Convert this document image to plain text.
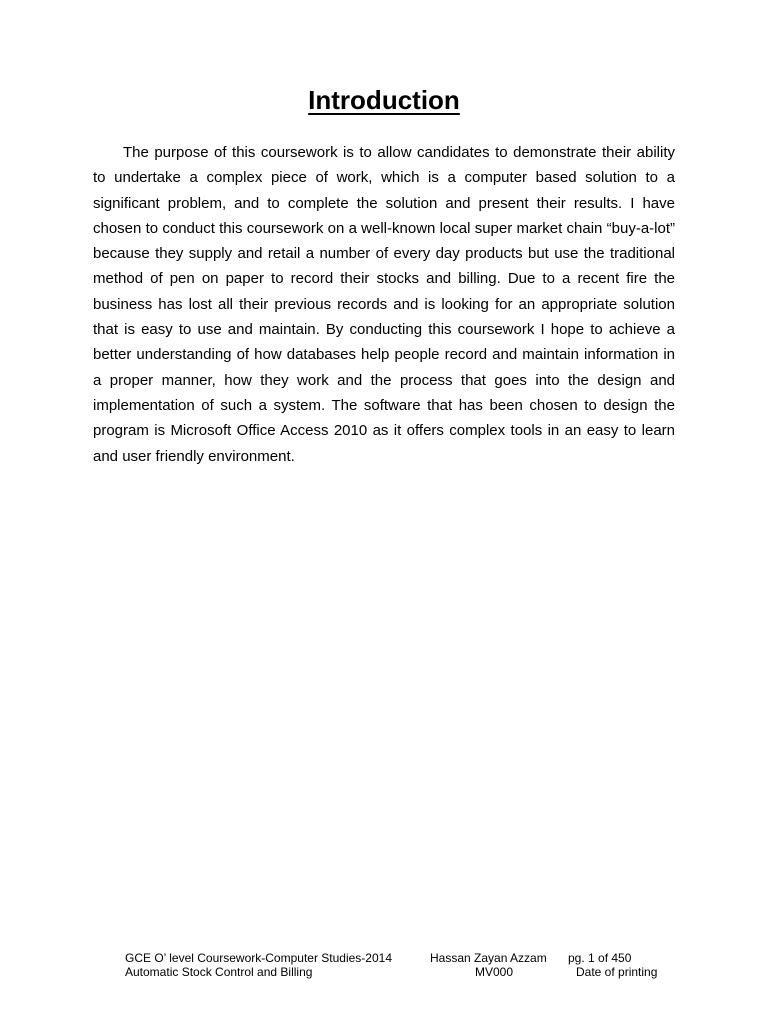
Introduction

The purpose of this coursework is to allow candidates to demonstrate their ability to undertake a complex piece of work, which is a computer based solution to a significant problem, and to complete the solution and present their results. I have chosen to conduct this coursework on a well-known local super market chain “buy-a-lot” because they supply and retail a number of every day products but use the traditional method of pen on paper to record their stocks and billing. Due to a recent fire the business has lost all their previous records and is looking for an appropriate solution that is easy to use and maintain. By conducting this coursework I hope to achieve a better understanding of how databases help people record and maintain information in a proper manner, how they work and the process that goes into the design and implementation of such a system. The software that has been chosen to design the program is Microsoft Office Access 2010 as it offers complex tools in an easy to learn and user friendly environment.

GCE O’ level Coursework-Computer Studies-2014	Hassan Zayan Azzam pg. 1 of 450
Automatic Stock Control and Billing	MV000	Date of printing
